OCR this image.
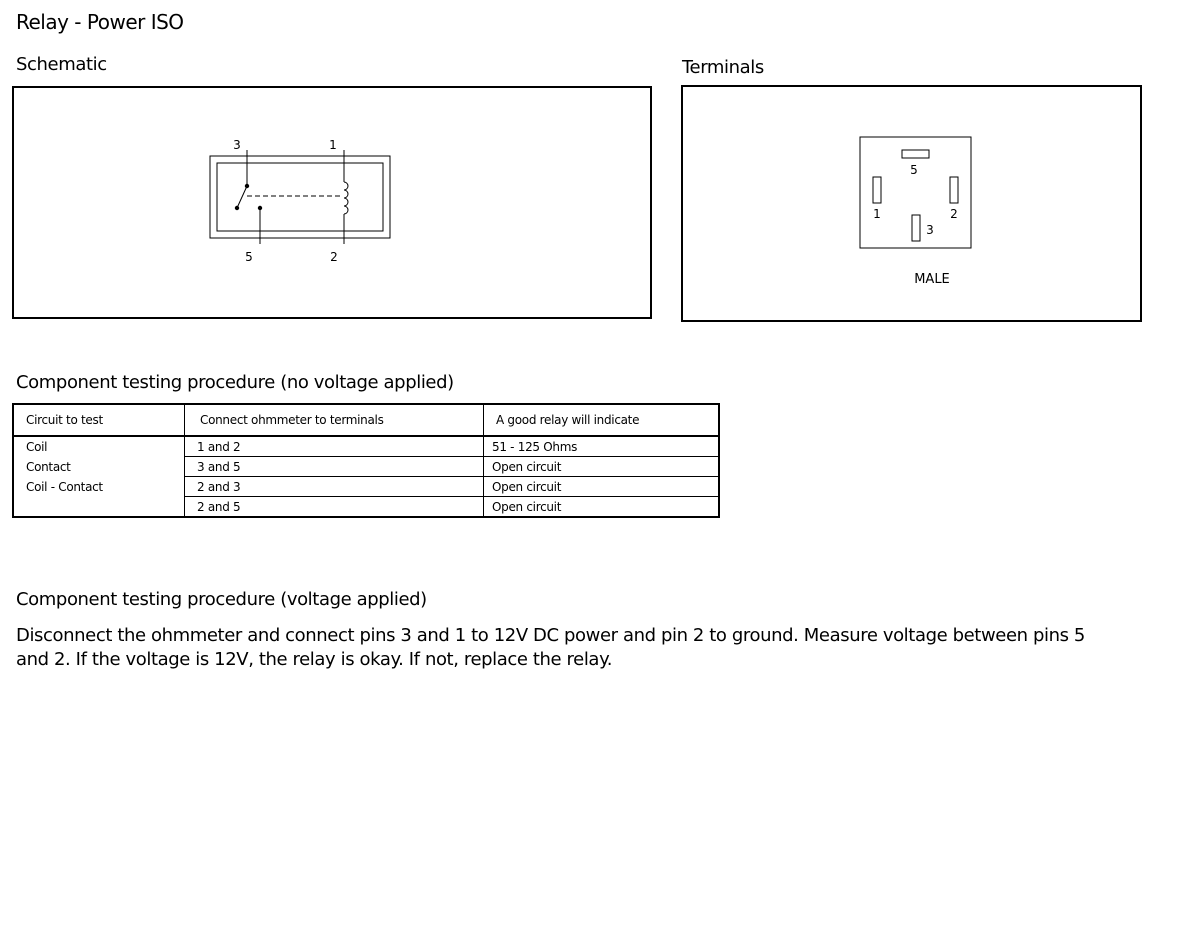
Relay - Power ISO
Schematic
3	1
5	2
Terminals
5
1	2
3
MALE
Component testing procedure (no voltage applied)
Circuit to test	Connect ohmmeter to terminals	A good relay will indicate
Coil	1 and 2	51 - 125 Ohms
Contact	3 and 5	Open circuit
Coil - Contact	2 and 3	Open circuit
	2 and 5	Open circuit
Component testing procedure (voltage applied)
Disconnect the ohmmeter and connect pins 3 and 1 to 12V DC power and pin 2 to ground. Measure voltage between pins 5 and 2. If the voltage is 12V, the relay is okay. If not, replace the relay.
